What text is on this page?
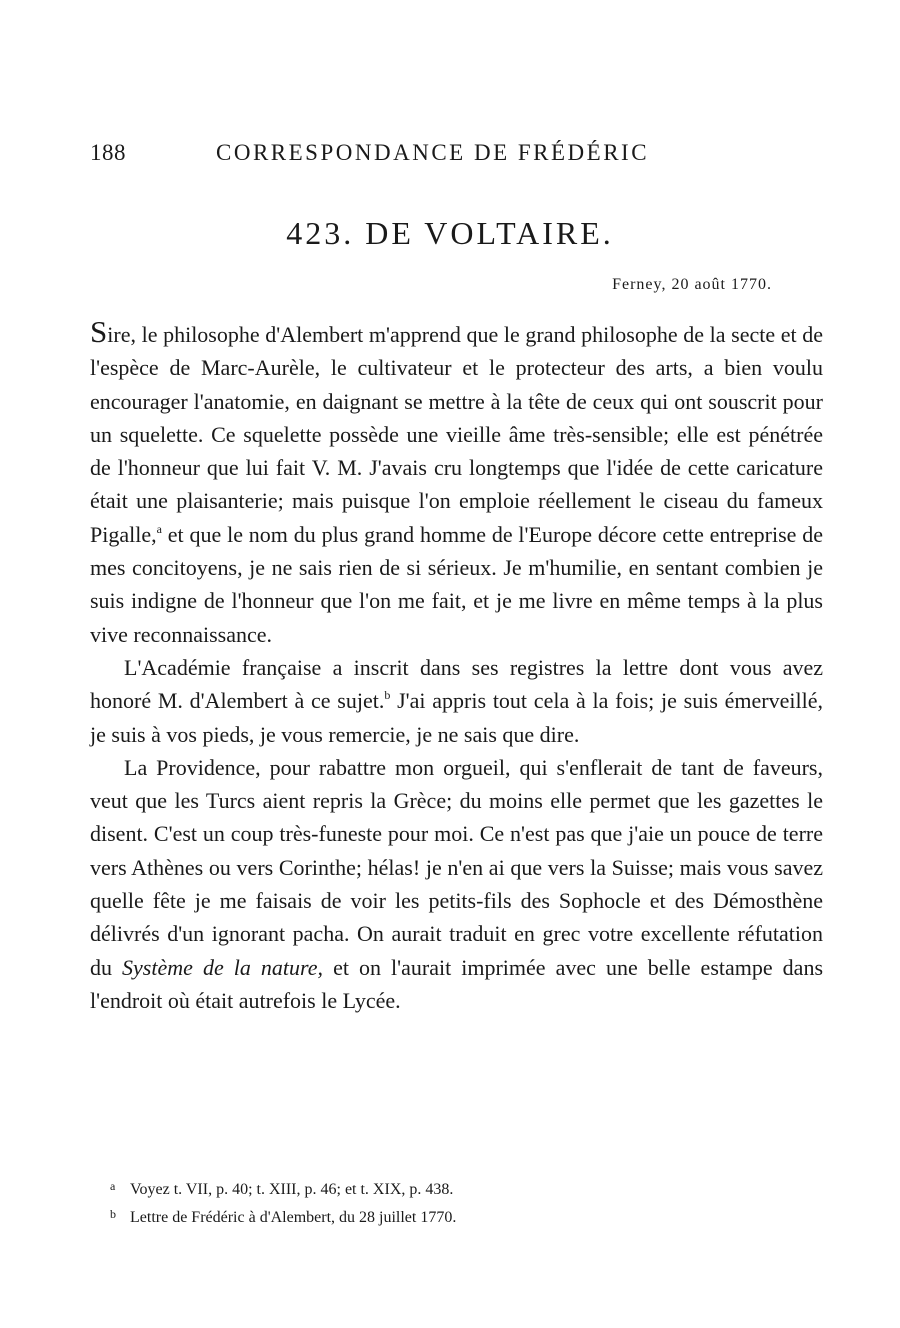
188	CORRESPONDANCE DE FRÉDÉRIC
423. DE VOLTAIRE.
Ferney, 20 août 1770.

Sire, le philosophe d'Alembert m'apprend que le grand philosophe de la secte et de l'espèce de Marc-Aurèle, le cultivateur et le protecteur des arts, a bien voulu encourager l'anatomie, en daignant se mettre à la tête de ceux qui ont souscrit pour un squelette. Ce squelette possède une vieille âme très-sensible; elle est pénétrée de l'honneur que lui fait V. M. J'avais cru longtemps que l'idée de cette caricature était une plaisanterie; mais puisque l'on emploie réellement le ciseau du fameux Pigalle,$^a$ et que le nom du plus grand homme de l'Europe décore cette entreprise de mes concitoyens, je ne sais rien de si sérieux. Je m'humilie, en sentant combien je suis indigne de l'honneur que l'on me fait, et je me livre en même temps à la plus vive reconnaissance.

L'Académie française a inscrit dans ses registres la lettre dont vous avez honoré M. d'Alembert à ce sujet.$^b$ J'ai appris tout cela à la fois; je suis émerveillé, je suis à vos pieds, je vous remercie, je ne sais que dire.

La Providence, pour rabattre mon orgueil, qui s'enflerait de tant de faveurs, veut que les Turcs aient repris la Grèce; du moins elle permet que les gazettes le disent. C'est un coup très-funeste pour moi. Ce n'est pas que j'aie un pouce de terre vers Athènes ou vers Corinthe; hélas! je n'en ai que vers la Suisse; mais vous savez quelle fête je me faisais de voir les petits-fils des Sophocle et des Démosthène délivrés d'un ignorant pacha. On aurait traduit en grec votre excellente réfutation du Système de la nature, et on l'aurait imprimée avec une belle estampe dans l'endroit où était autrefois le Lycée.

a Voyez t. VII, p. 40; t. XIII, p. 46; et t. XIX, p. 438.

b Lettre de Frédéric à d'Alembert, du 28 juillet 1770.
